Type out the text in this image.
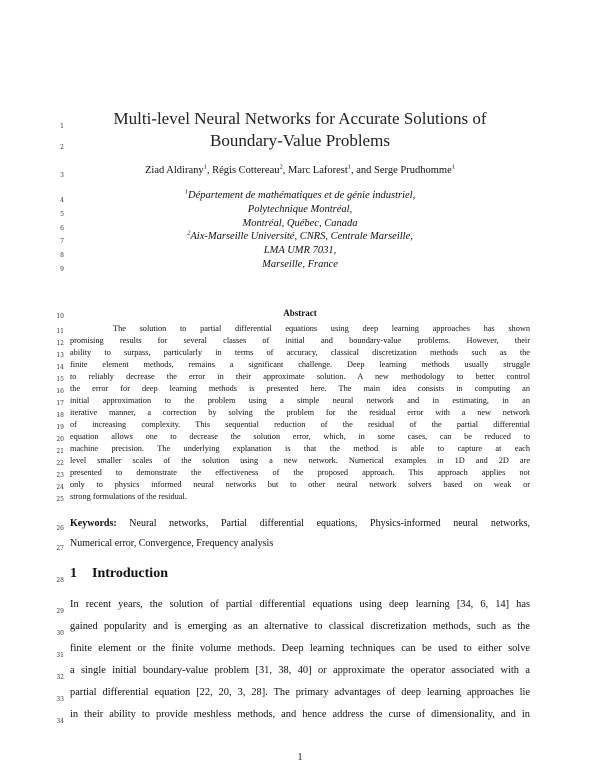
1	Multi-level Neural Networks for Accurate Solutions of
2	Boundary-Value Problems
3	Ziad Aldirany$^1$, Régis Cottereau$^2$, Marc Laforest$^1$, and Serge Prudhomme$^1$
4
$^1$Département de mathématiques et de génie industriel,
5	Polytechnique Montréal,
6	Montréal, Québec, Canada
7
$^2$Aix-Marseille Université, CNRS, Centrale Marseille,
8	LMA UMR 7031,
9	Marseille, France
10	Abstract
11	The solution to partial differential equations using deep learning approaches has shown
12 promising results for several classes of initial and boundary-value problems. However, their
13 ability to surpass, particularly in terms of accuracy, classical discretization methods such as the
14 finite element methods, remains a significant challenge. Deep learning methods usually struggle
15 to reliably decrease the error in their approximate solution. A new methodology to better control
16 the error for deep learning methods is presented here. The main idea consists in computing an
17 initial approximation to the problem using a simple neural network and in estimating, in an
18 iterative manner, a correction by solving the problem for the residual error with a new network
19 of increasing complexity. This sequential reduction of the residual of the partial differential
20 equation allows one to decrease the solution error, which, in some cases, can be reduced to
21 machine precision. The underlying explanation is that the method is able to capture at each
22 level smaller scales of the solution using a new network. Numerical examples in 1D and 2D are
23 presented to demonstrate the effectiveness of the proposed approach. This approach applies not
24 only to physics informed neural networks but to other neural network solvers based on weak or
25 strong formulations of the residual.
26 Keywords: Neural networks, Partial differential equations, Physics-informed neural networks,
27 Numerical error, Convergence, Frequency analysis
28 1 Introduction
29
In recent years, the solution of partial differential equations using deep learning [34, 6, 14] has
30
gained popularity and is emerging as an alternative to classical discretization methods, such as the
31
finite element or the finite volume methods. Deep learning techniques can be used to either solve
32
a single initial boundary-value problem [31, 38, 40] or approximate the operator associated with a
33
partial differential equation [22, 20, 3, 28]. The primary advantages of deep learning approaches lie
34
in their ability to provide meshless methods, and hence address the curse of dimensionality, and in
1
